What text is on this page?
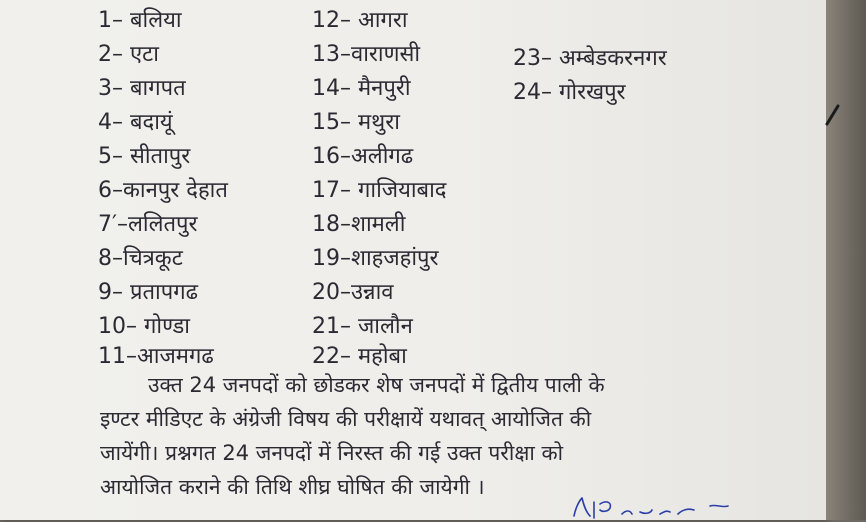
1– बलिया
2– एटा
3– बागपत
4– बदायूं
5– सीतापुर
6–कानपुर देहात
7′–ललितपुर
8–चित्रकूट
9– प्रतापगढ
10– गोण्डा
11–आजमगढ
12– आगरा
13–वाराणसी
14– मैनपुरी
15– मथुरा
16–अलीगढ
17– गाजियाबाद
18–शामली
19–शाहजहांपुर
20–उन्नाव
21– जालौन
22– महोबा
23– अम्बेडकरनगर
24– गोरखपुर

उक्त 24 जनपदों को छोडकर शेष जनपदों में द्वितीय पाली के

इण्टर मीडिएट के अंग्रेजी विषय की परीक्षायें यथावत् आयोजित की

जायेंगी। प्रश्नगत 24 जनपदों में निरस्त की गई उक्त परीक्षा को

आयोजित कराने की तिथि शीघ्र घोषित की जायेगी ।
